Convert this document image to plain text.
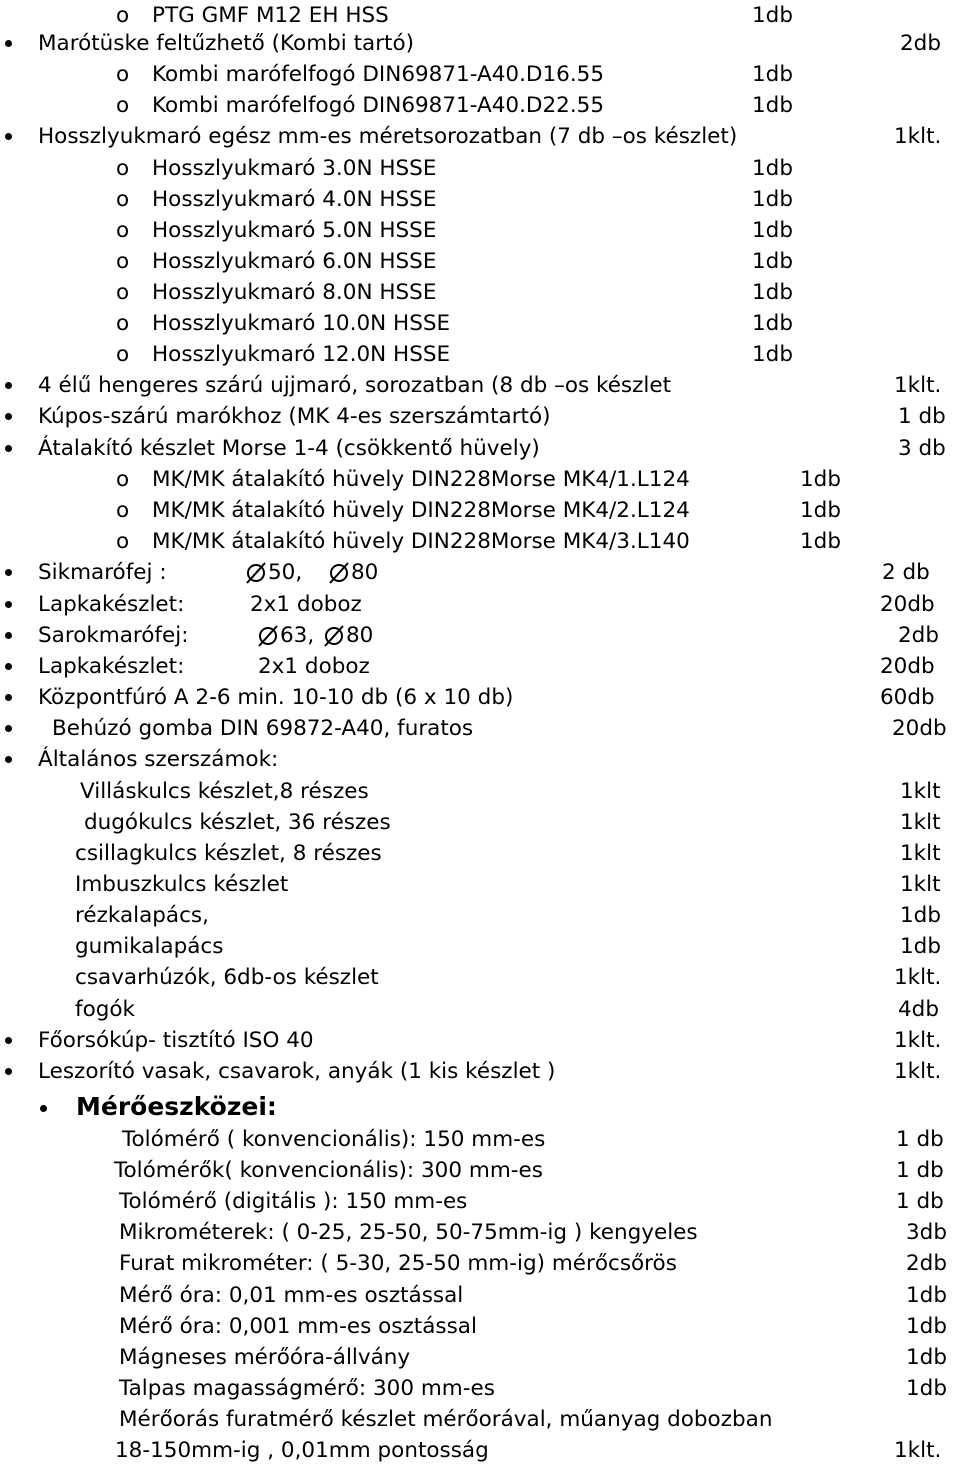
o PTG GMF M12 EH HSS	1db
Marótüske feltűzhető (Kombi tartó)	2db
o Kombi marófelfogó DIN69871-A40.D16.55	1db
o Kombi marófelfogó DIN69871-A40.D22.55	1db
Hosszlyukmaró egész mm-es méretsorozatban (7 db –os készlet)	1klt.
o Hosszlyukmaró 3.0N HSSE	1db
o Hosszlyukmaró 4.0N HSSE	1db
o Hosszlyukmaró 5.0N HSSE	1db
o Hosszlyukmaró 6.0N HSSE	1db
o Hosszlyukmaró 8.0N HSSE	1db
o Hosszlyukmaró 10.0N HSSE	1db
o Hosszlyukmaró 12.0N HSSE	1db
4 élű hengeres szárú ujjmaró, sorozatban (8 db –os készlet	1klt.
Kúpos-szárú marókhoz (MK 4-es szerszámtartó)	1 db
Átalakító készlet Morse 1-4 (csökkentő hüvely)	3 db
o MK/MK átalakító hüvely DIN228Morse MK4/1.L124	1db
o MK/MK átalakító hüvely DIN228Morse MK4/2.L124	1db
o MK/MK átalakító hüvely DIN228Morse MK4/3.L140	1db
Sikmarófej :	50, 80	2 db
Lapkakészlet:	2x1 doboz	20db
Sarokmarófej:	63, 80	2db
Lapkakészlet:	2x1 doboz	20db
Központfúró A 2-6 min. 10-10 db (6 x 10 db)	60db
Behúzó gomba DIN 69872-A40, furatos	20db
Általános szerszámok:
Villáskulcs készlet,8 részes	1klt
dugókulcs készlet, 36 részes	1klt
csillagkulcs készlet, 8 részes	1klt
Imbuszkulcs készlet	1klt
rézkalapács,	1db
gumikalapács	1db
csavarhúzók, 6db-os készlet	1klt.
fogók	4db
Főorsókúp- tisztító ISO 40	1klt.
Leszorító vasak, csavarok, anyák (1 kis készlet )	1klt.
Mérőeszközei:
Tolómérő ( konvencionális): 150 mm-es	1 db
Tolómérők( konvencionális): 300 mm-es	1 db
Tolómérő (digitális ): 150 mm-es	1 db
Mikrométerek: ( 0-25, 25-50, 50-75mm-ig ) kengyeles	3db
Furat mikrométer: ( 5-30, 25-50 mm-ig) mérőcsőrös	2db
Mérő óra: 0,01 mm-es osztással	1db
Mérő óra: 0,001 mm-es osztással	1db
Mágneses mérőóra-állvány	1db
Talpas magasságmérő: 300 mm-es	1db
Mérőorás furatmérő készlet mérőorával, műanyag dobozban
18-150mm-ig , 0,01mm pontosság	1klt.
